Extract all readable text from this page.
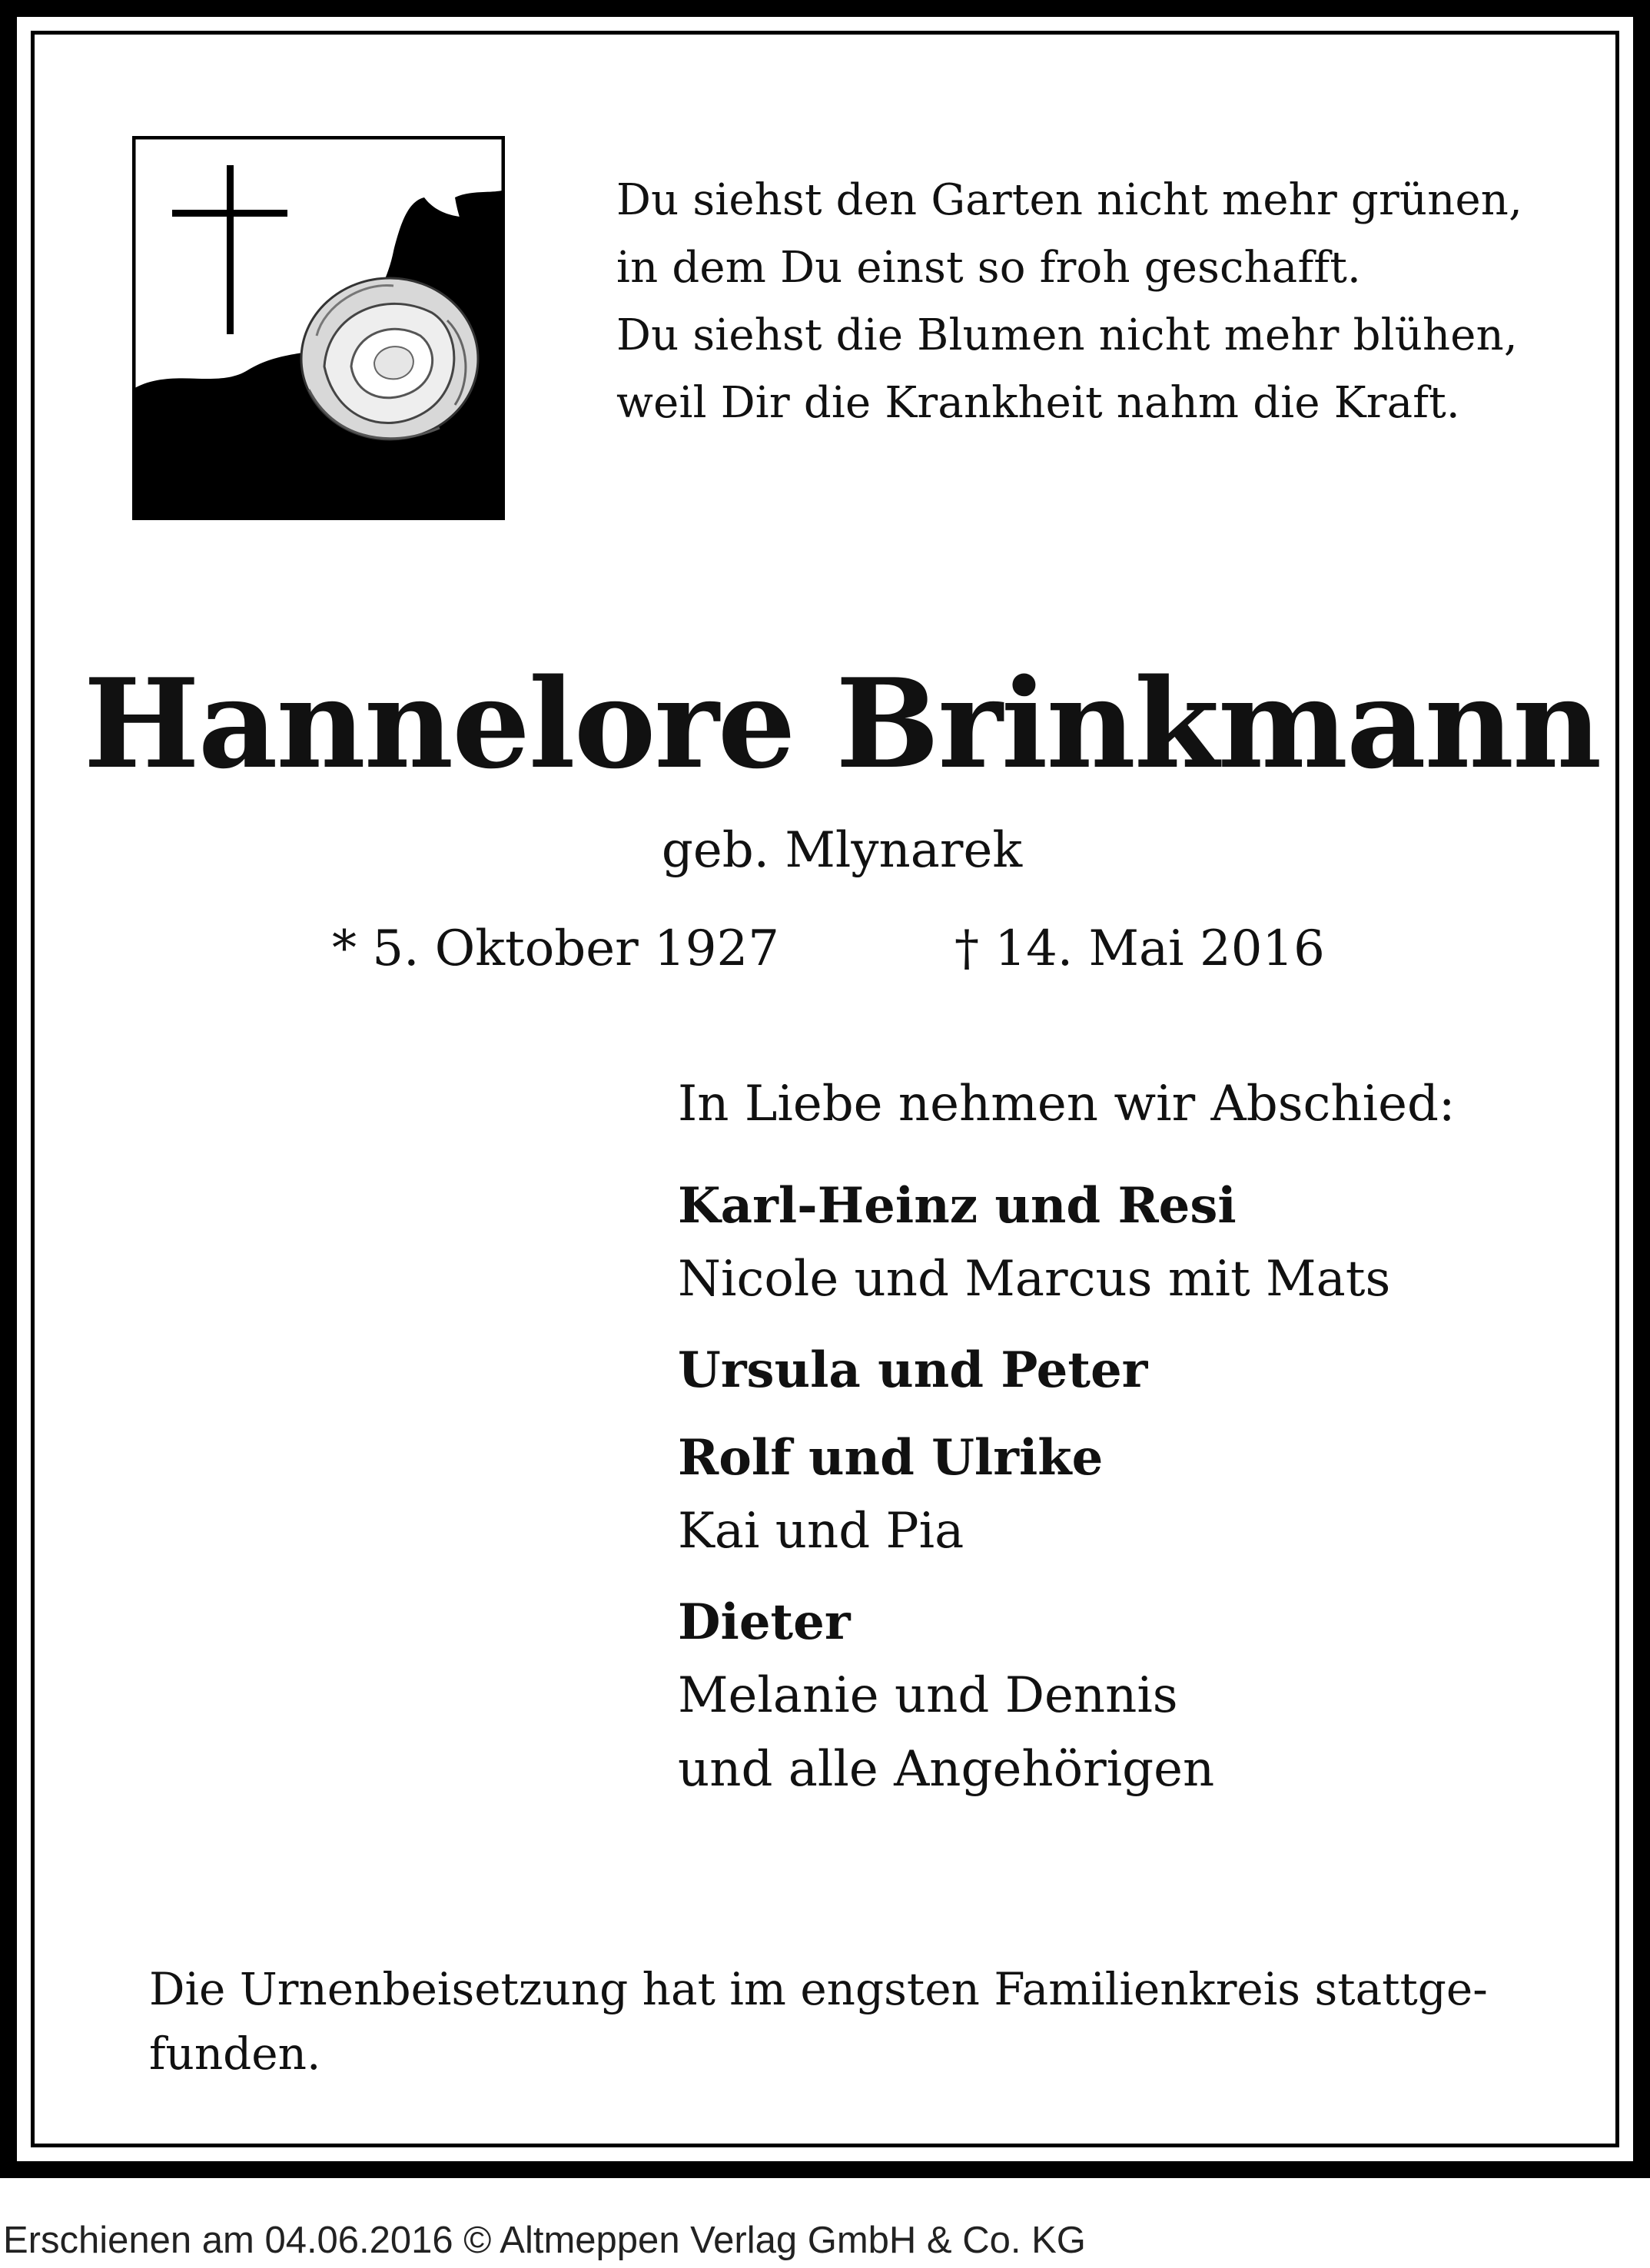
Du siehst den Garten nicht mehr grünen,
in dem Du einst so froh geschafft.
Du siehst die Blumen nicht mehr blühen,
weil Dir die Krankheit nahm die Kraft.
Hannelore Brinkmann
geb. Mlynarek
* 5. Oktober 1927	† 14. Mai 2016
In Liebe nehmen wir Abschied:
Karl-Heinz und Resi
Nicole und Marcus mit Mats
Ursula und Peter
Rolf und Ulrike
Kai und Pia
Dieter
Melanie und Dennis
und alle Angehörigen
Die Urnenbeisetzung hat im engsten Familienkreis stattge-
funden.
Erschienen am 04.06.2016 © Altmeppen Verlag GmbH & Co. KG
